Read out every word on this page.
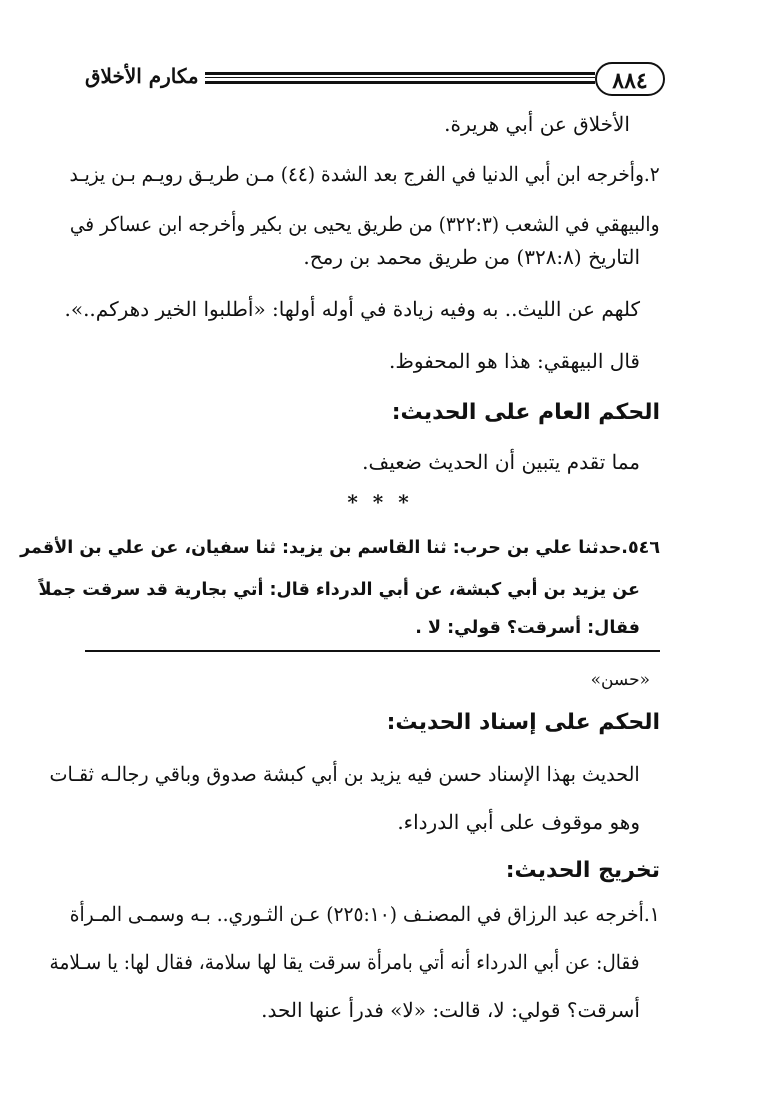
٨٨٤
مكارم الأخلاق
الأخلاق عن أبي هريرة.
٢.وأخرجه ابن أبي الدنيا في الفرج بعد الشدة (٤٤) مـن طريـق رويـم بـن يزيـد
والبيهقي في الشعب (٣٢٢:٣) من طريق يحيى بن بكير وأخرجه ابن عساكر في
التاريخ (٣٢٨:٨) من طريق محمد بن رمح.
كلهم عن الليث.. به وفيه زيادة في أوله أولها: «أطلبوا الخير دهركم..».
قال البيهقي: هذا هو المحفوظ.
الحكم العام على الحديث:
مما تقدم يتبين أن الحديث ضعيف.
* * *
٥٤٦.حدثنا علي بن حرب: ثنا القاسم بن يزيد: ثنا سفيان، عن علي بن الأقمر
عن يزيد بن أبي كبشة، عن أبي الدرداء قال: أتي بجارية قد سرقت جملاً
فقال: أسرقت؟ قولي: لا .
«حسن»
الحكم على إسناد الحديث:
الحديث بهذا الإسناد حسن فيه يزيد بن أبي كبشة صدوق وباقي رجالـه ثقـات
وهو موقوف على أبي الدرداء.
تخريج الحديث:
١.أخرجه عبد الرزاق في المصنـف (٢٢٥:١٠) عـن الثـوري.. بـه وسمـى المـرأة
فقال: عن أبي الدرداء أنه أتي بامرأة سرقت يقا لها سلامة، فقال لها: يا سـلامة
أسرقت؟ قولي: لا، قالت: «لا» فدرأ عنها الحد.
